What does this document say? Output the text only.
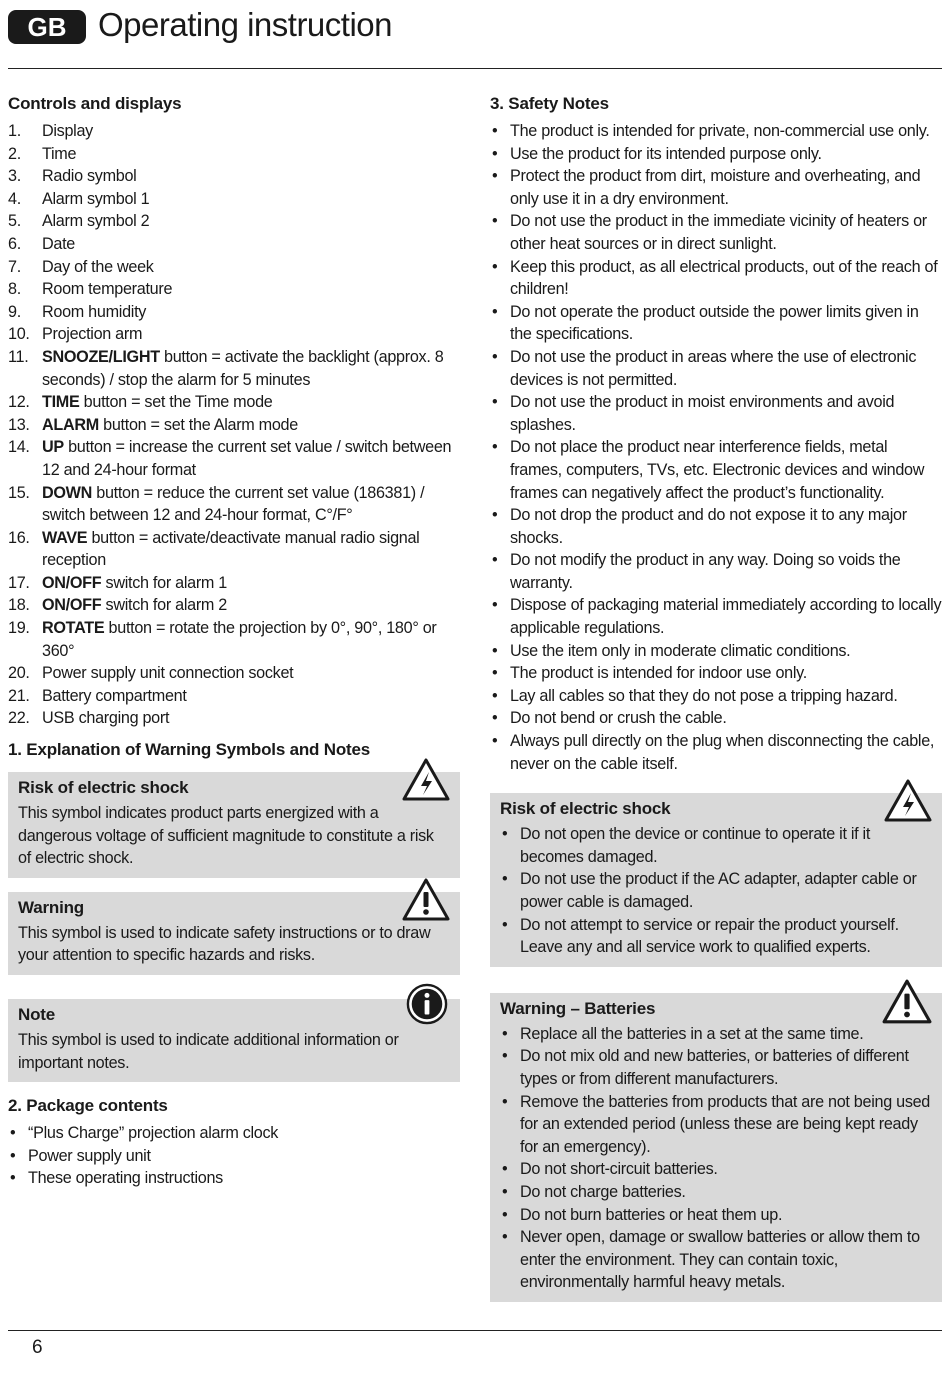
GB Operating instruction
Controls and displays
1. Display
2. Time
3. Radio symbol
4. Alarm symbol 1
5. Alarm symbol 2
6. Date
7. Day of the week
8. Room temperature
9. Room humidity
10. Projection arm
11. SNOOZE/LIGHT button = activate the backlight (approx. 8 seconds) / stop the alarm for 5 minutes
12. TIME button = set the Time mode
13. ALARM button = set the Alarm mode
14. UP button = increase the current set value / switch between 12 and 24-hour format
15. DOWN button = reduce the current set value (186381) / switch between 12 and 24-hour format, C°/F°
16. WAVE button = activate/deactivate manual radio signal reception
17. ON/OFF switch for alarm 1
18. ON/OFF switch for alarm 2
19. ROTATE button = rotate the projection by 0°, 90°, 180° or 360°
20. Power supply unit connection socket
21. Battery compartment
22. USB charging port
1. Explanation of Warning Symbols and Notes
Risk of electric shock
This symbol indicates product parts energized with a dangerous voltage of sufficient magnitude to constitute a risk of electric shock.
Warning
This symbol is used to indicate safety instructions or to draw your attention to specific hazards and risks.
Note
This symbol is used to indicate additional information or important notes.
2. Package contents
• “Plus Charge” projection alarm clock
• Power supply unit
• These operating instructions
3. Safety Notes
• The product is intended for private, non-commercial use only.
• Use the product for its intended purpose only.
• Protect the product from dirt, moisture and overheating, and only use it in a dry environment.
• Do not use the product in the immediate vicinity of heaters or other heat sources or in direct sunlight.
• Keep this product, as all electrical products, out of the reach of children!
• Do not operate the product outside the power limits given in the specifications.
• Do not use the product in areas where the use of electronic devices is not permitted.
• Do not use the product in moist environments and avoid splashes.
• Do not place the product near interference fields, metal frames, computers, TVs, etc. Electronic devices and window frames can negatively affect the product’s functionality.
• Do not drop the product and do not expose it to any major shocks.
• Do not modify the product in any way. Doing so voids the warranty.
• Dispose of packaging material immediately according to locally applicable regulations.
• Use the item only in moderate climatic conditions.
• The product is intended for indoor use only.
• Lay all cables so that they do not pose a tripping hazard.
• Do not bend or crush the cable.
• Always pull directly on the plug when disconnecting the cable, never on the cable itself.
Risk of electric shock
• Do not open the device or continue to operate it if it becomes damaged.
• Do not use the product if the AC adapter, adapter cable or power cable is damaged.
• Do not attempt to service or repair the product yourself. Leave any and all service work to qualified experts.
Warning – Batteries
• Replace all the batteries in a set at the same time.
• Do not mix old and new batteries, or batteries of different types or from different manufacturers.
• Remove the batteries from products that are not being used for an extended period (unless these are being kept ready for an emergency).
• Do not short-circuit batteries.
• Do not charge batteries.
• Do not burn batteries or heat them up.
• Never open, damage or swallow batteries or allow them to enter the environment. They can contain toxic, environmentally harmful heavy metals.
6
